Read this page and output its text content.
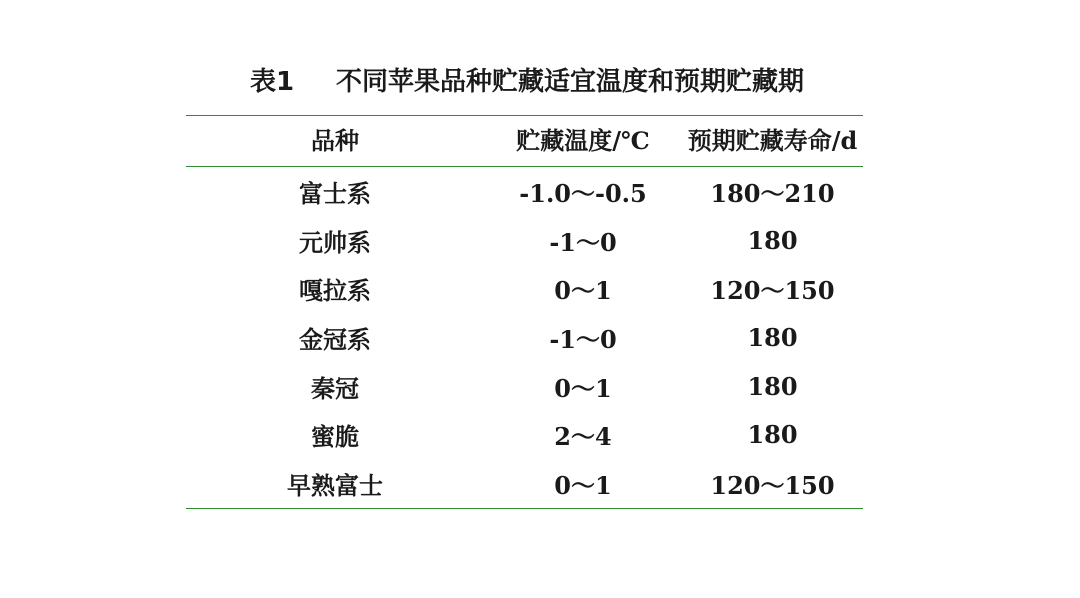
表1 不同苹果品种贮藏适宜温度和预期贮藏期
品种	贮藏温度/℃	预期贮藏寿命/d
富士系	-1.0～-0.5	180～210
元帅系	-1～0	180
嘎拉系	0～1	120～150
金冠系	-1～0	180
秦冠	0～1	180
蜜脆	2～4	180
早熟富士	0～1	120～150
